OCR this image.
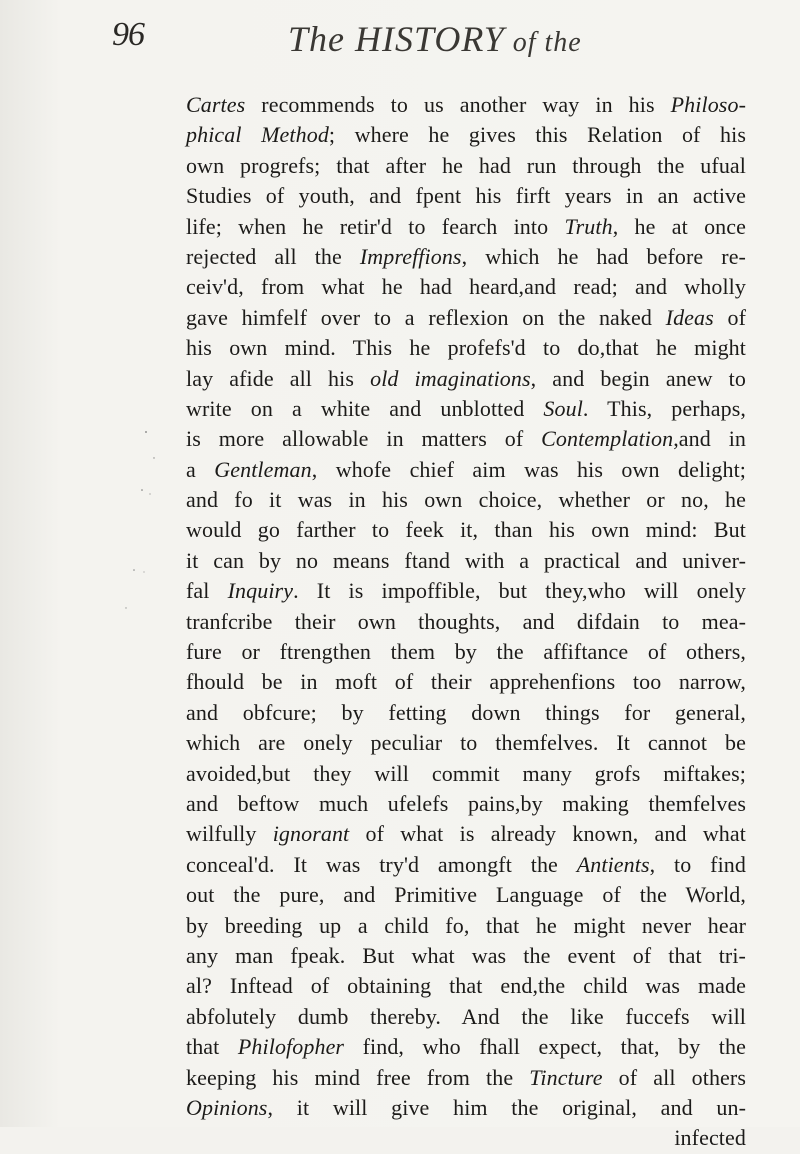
96	The HISTORY of the
Cartes recommends to us another way in his Philoso-
phical Method; where he gives this Relation of his
own progrefs; that after he had run through the ufual
Studies of youth, and fpent his firft years in an active
life; when he retir'd to fearch into Truth, he at once
rejected all the Impreffions, which he had before re-
ceiv'd, from what he had heard,and read; and wholly
gave himfelf over to a reflexion on the naked Ideas of
his own mind. This he profefs'd to do,that he might
lay afide all his old imaginations, and begin anew to
write on a white and unblotted Soul. This, perhaps,
is more allowable in matters of Contemplation,and in
a Gentleman, whofe chief aim was his own delight;
and fo it was in his own choice, whether or no, he
would go farther to feek it, than his own mind: But
it can by no means ftand with a practical and univer-
fal Inquiry. It is impoffible, but they,who will onely
tranfcribe their own thoughts, and difdain to mea-
fure or ftrengthen them by the affiftance of others,
fhould be in moft of their apprehenfions too narrow,
and obfcure; by fetting down things for general,
which are onely peculiar to themfelves. It cannot be
avoided,but they will commit many grofs miftakes;
and beftow much ufelefs pains,by making themfelves
wilfully ignorant of what is already known, and what
conceal'd. It was try'd amongft the Antients, to find
out the pure, and Primitive Language of the World,
by breeding up a child fo, that he might never hear
any man fpeak. But what was the event of that tri-
al? Inftead of obtaining that end,the child was made
abfolutely dumb thereby. And the like fuccefs will
that Philofopher find, who fhall expect, that, by the
keeping his mind free from the Tincture of all others
Opinions, it will give him the original, and un-
infected
